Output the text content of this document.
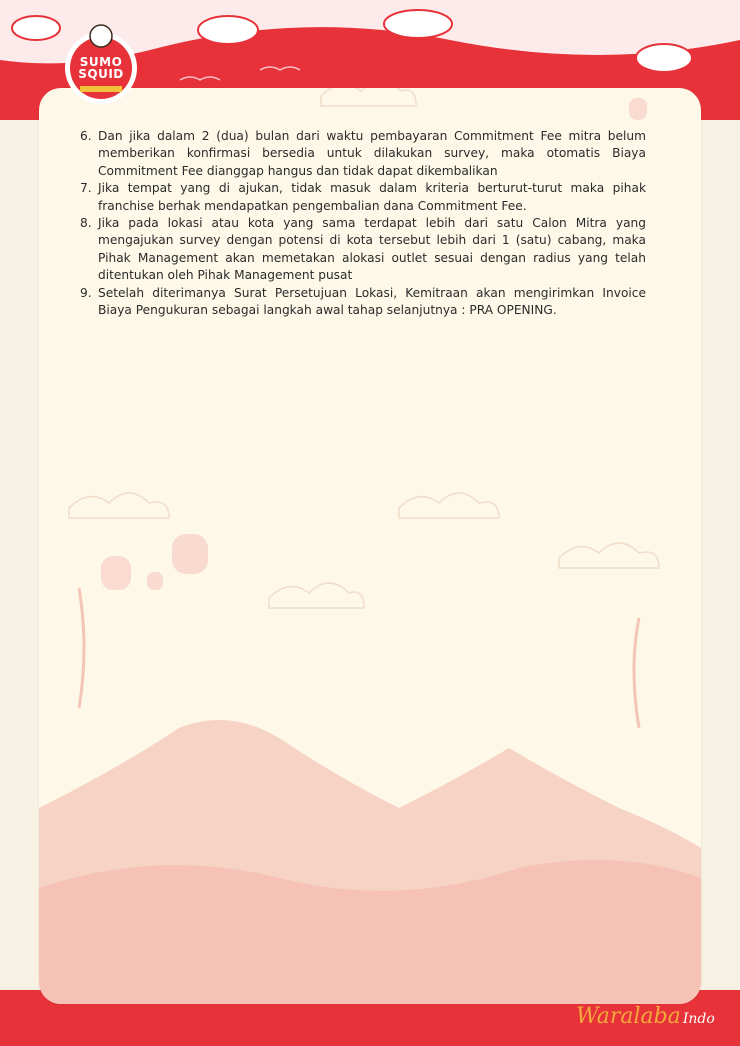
SUMO
SQUID

6. Dan jika dalam 2 (dua) bulan dari waktu pembayaran Commitment Fee mitra belum memberikan konfirmasi bersedia untuk dilakukan survey, maka otomatis Biaya Commitment Fee dianggap hangus dan tidak dapat dikembalikan

7. Jika tempat yang di ajukan, tidak masuk dalam kriteria berturut-turut maka pihak franchise berhak mendapatkan pengembalian dana Commitment Fee.

8. Jika pada lokasi atau kota yang sama terdapat lebih dari satu Calon Mitra yang mengajukan survey dengan potensi di kota tersebut lebih dari 1 (satu) cabang, maka Pihak Management akan memetakan alokasi outlet sesuai dengan radius yang telah ditentukan oleh Pihak Management pusat

9. Setelah diterimanya Surat Persetujuan Lokasi, Kemitraan akan mengirimkan Invoice Biaya Pengukuran sebagai langkah awal tahap selanjutnya : PRA OPENING.

Waralaba Indo
